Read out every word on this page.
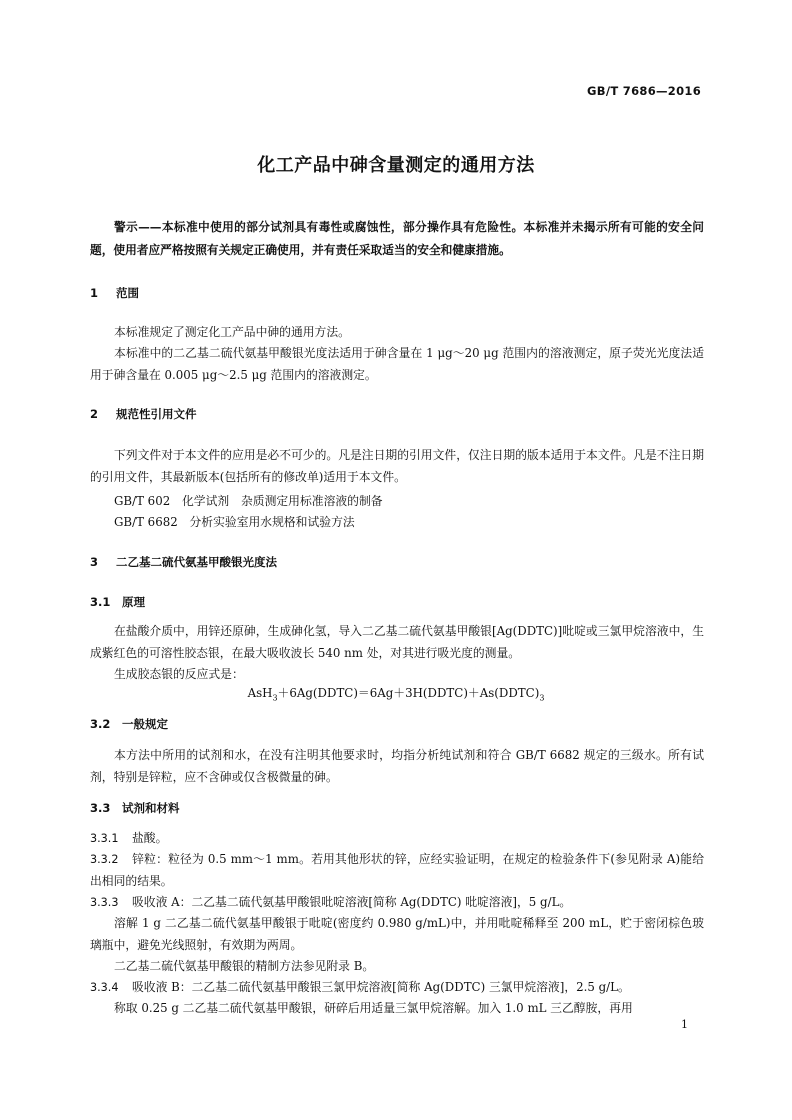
GB/T 7686—2016
化工产品中砷含量测定的通用方法
警示——本标准中使用的部分试剂具有毒性或腐蚀性，部分操作具有危险性。本标准并未揭示所有可能的安全问题，使用者应严格按照有关规定正确使用，并有责任采取适当的安全和健康措施。
1 范围
本标准规定了测定化工产品中砷的通用方法。
本标准中的二乙基二硫代氨基甲酸银光度法适用于砷含量在 1 μg～20 μg 范围内的溶液测定，原子荧光光度法适用于砷含量在 0.005 μg～2.5 μg 范围内的溶液测定。
2 规范性引用文件
下列文件对于本文件的应用是必不可少的。凡是注日期的引用文件，仅注日期的版本适用于本文件。凡是不注日期的引用文件，其最新版本(包括所有的修改单)适用于本文件。
GB/T 602　化学试剂　杂质测定用标准溶液的制备
GB/T 6682　分析实验室用水规格和试验方法
3 二乙基二硫代氨基甲酸银光度法
3.1 原理
在盐酸介质中，用锌还原砷，生成砷化氢，导入二乙基二硫代氨基甲酸银[Ag(DDTC)]吡啶或三氯甲烷溶液中，生成紫红色的可溶性胶态银，在最大吸收波长 540 nm 处，对其进行吸光度的测量。
生成胶态银的反应式是：
$AsH_3+6Ag(DDTC)=6Ag+3H(DDTC)+As(DDTC)_3$
3.2 一般规定
本方法中所用的试剂和水，在没有注明其他要求时，均指分析纯试剂和符合 GB/T 6682 规定的三级水。所有试剂，特别是锌粒，应不含砷或仅含极微量的砷。
3.3 试剂和材料
3.3.1 盐酸。
3.3.2 锌粒：粒径为 0.5 mm～1 mm。若用其他形状的锌，应经实验证明，在规定的检验条件下(参见附录 A)能给出相同的结果。
3.3.3 吸收液 A：二乙基二硫代氨基甲酸银吡啶溶液[简称 Ag(DDTC) 吡啶溶液]，5 g/L。
溶解 1 g 二乙基二硫代氨基甲酸银于吡啶(密度约 0.980 g/mL)中，并用吡啶稀释至 200 mL，贮于密闭棕色玻璃瓶中，避免光线照射，有效期为两周。
二乙基二硫代氨基甲酸银的精制方法参见附录 B。
3.3.4 吸收液 B：二乙基二硫代氨基甲酸银三氯甲烷溶液[简称 Ag(DDTC) 三氯甲烷溶液]，2.5 g/L。
称取 0.25 g 二乙基二硫代氨基甲酸银，研碎后用适量三氯甲烷溶解。加入 1.0 mL 三乙醇胺，再用
1
